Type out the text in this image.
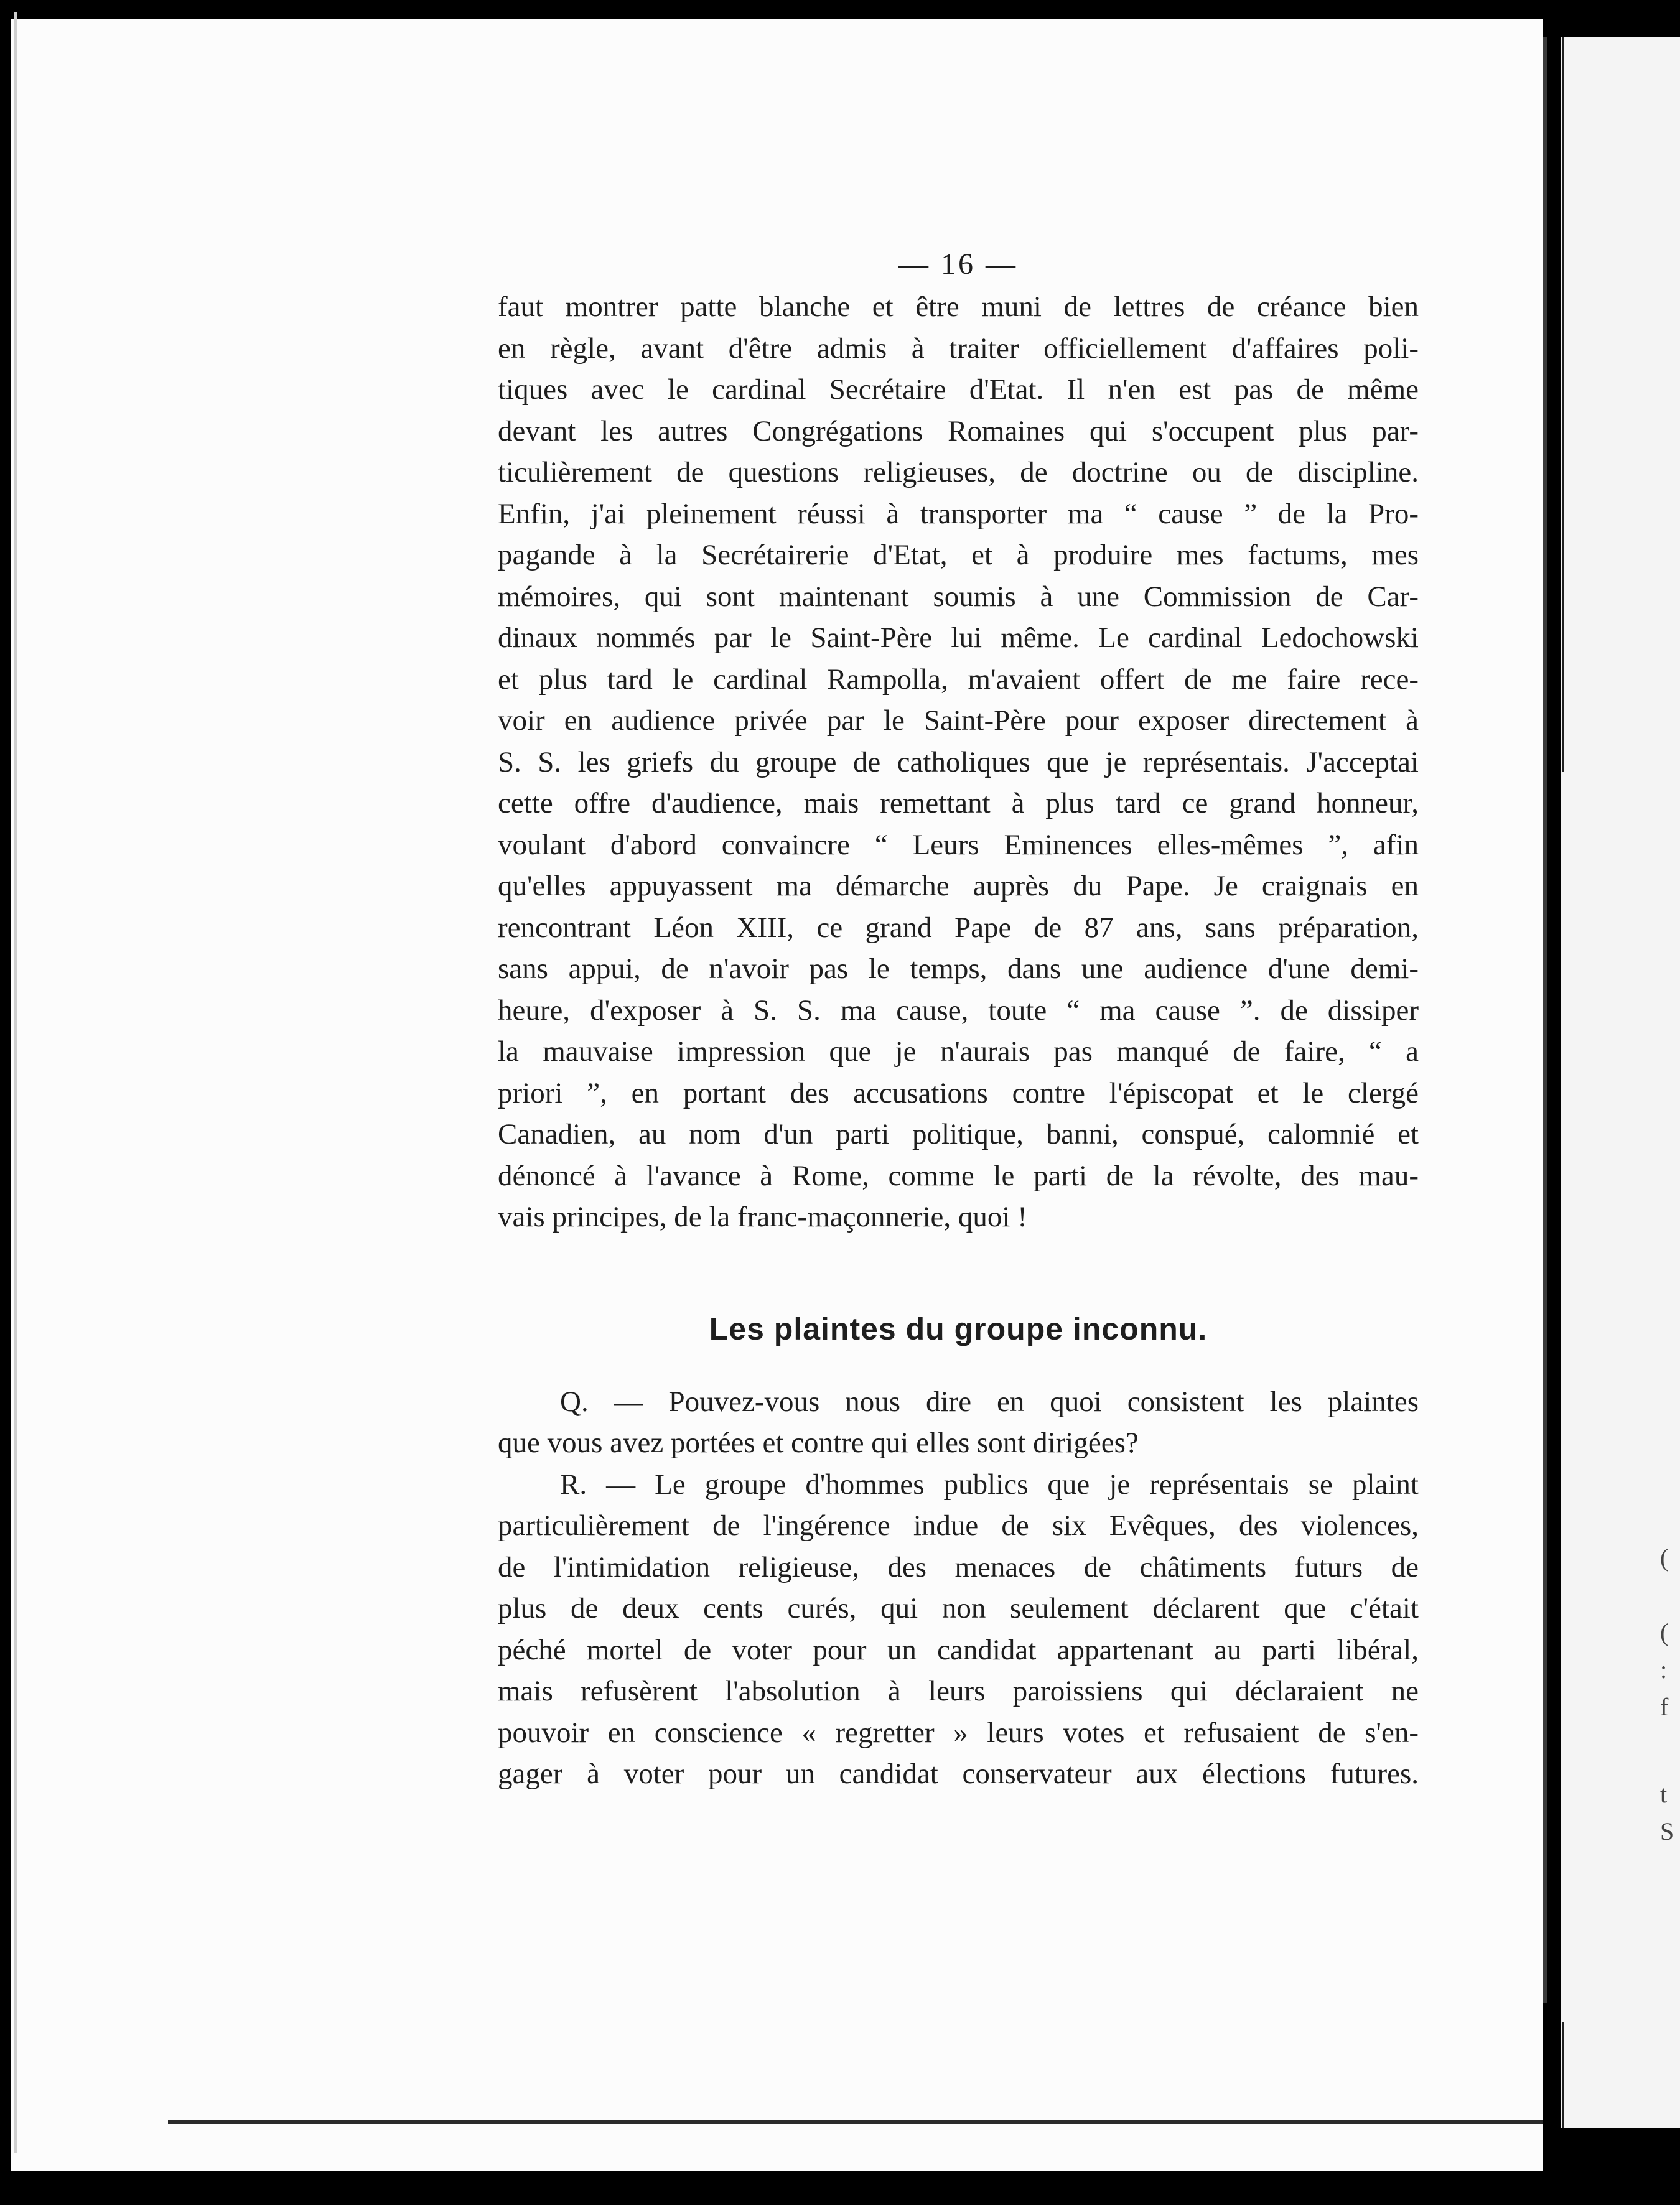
(
(
:
f
t
S
— 16 —

faut montrer patte blanche et être muni de lettres de créance bien
en règle, avant d'être admis à traiter officiellement d'affaires poli-
tiques avec le cardinal Secrétaire d'Etat. Il n'en est pas de même
devant les autres Congrégations Romaines qui s'occupent plus par-
ticulièrement de questions religieuses, de doctrine ou de discipline.
Enfin, j'ai pleinement réussi à transporter ma “ cause ” de la Pro-
pagande à la Secrétairerie d'Etat, et à produire mes factums, mes
mémoires, qui sont maintenant soumis à une Commission de Car-
dinaux nommés par le Saint-Père lui même. Le cardinal Ledochowski
et plus tard le cardinal Rampolla, m'avaient offert de me faire rece-
voir en audience privée par le Saint-Père pour exposer directement à
S. S. les griefs du groupe de catholiques que je représentais. J'acceptai
cette offre d'audience, mais remettant à plus tard ce grand honneur,
voulant d'abord convaincre “ Leurs Eminences elles-mêmes ”, afin
qu'elles appuyassent ma démarche auprès du Pape. Je craignais en
rencontrant Léon XIII, ce grand Pape de 87 ans, sans préparation,
sans appui, de n'avoir pas le temps, dans une audience d'une demi-
heure, d'exposer à S. S. ma cause, toute “ ma cause ”. de dissiper
la mauvaise impression que je n'aurais pas manqué de faire, “ a
priori ”, en portant des accusations contre l'épiscopat et le clergé
Canadien, au nom d'un parti politique, banni, conspué, calomnié et
dénoncé à l'avance à Rome, comme le parti de la révolte, des mau-
vais principes, de la franc-maçonnerie, quoi !

Les plaintes du groupe inconnu.

Q. — Pouvez-vous nous dire en quoi consistent les plaintes
que vous avez portées et contre qui elles sont dirigées?

R. — Le groupe d'hommes publics que je représentais se plaint
particulièrement de l'ingérence indue de six Evêques, des violences,
de l'intimidation religieuse, des menaces de châtiments futurs de
plus de deux cents curés, qui non seulement déclarent que c'était
péché mortel de voter pour un candidat appartenant au parti libéral,
mais refusèrent l'absolution à leurs paroissiens qui déclaraient ne
pouvoir en conscience « regretter » leurs votes et refusaient de s'en-
gager à voter pour un candidat conservateur aux élections futures.
